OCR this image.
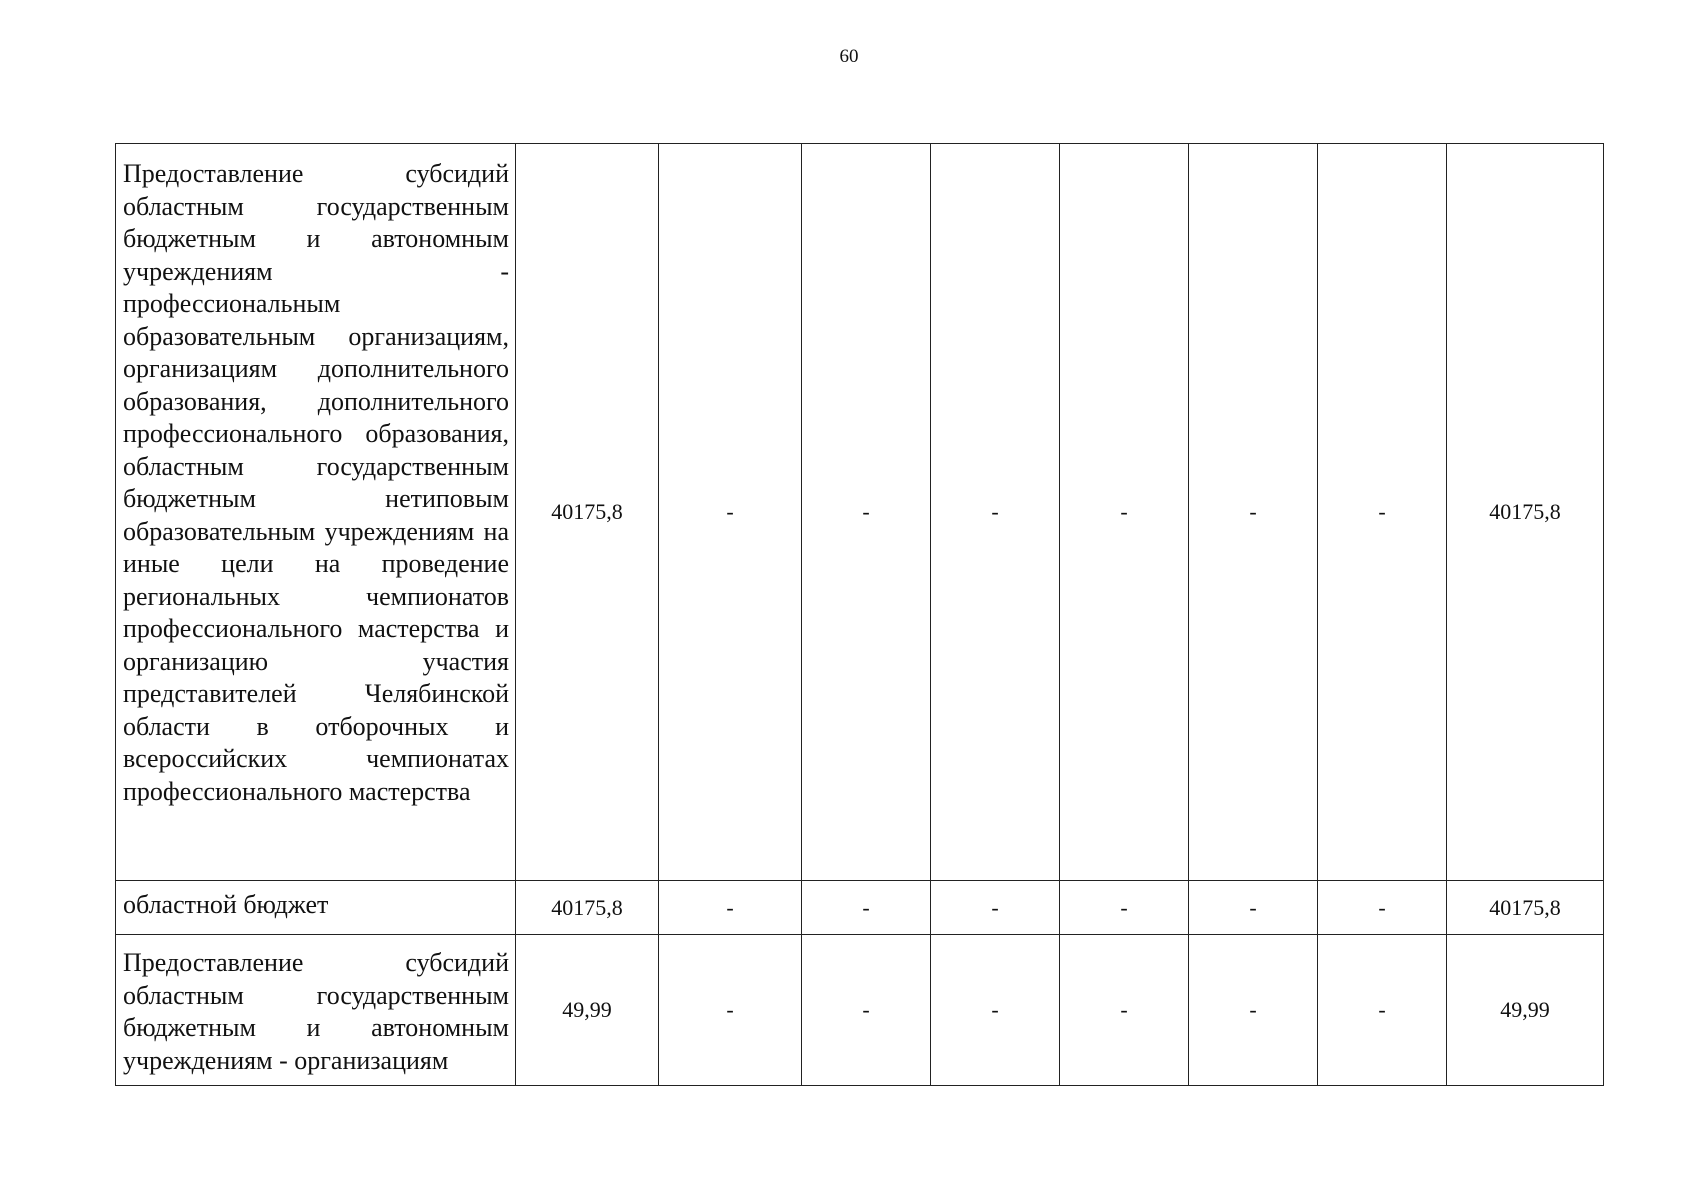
60
Предоставление субсидий областным государственным бюджетным и автономным учреждениям - профессиональным образовательным организациям, организациям дополнительного образования, дополнительного профессионального образования, областным государственным бюджетным нетиповым образовательным учреждениям на иные цели на проведение региональных чемпионатов профессионального мастерства и организацию участия представителей Челябинской области в отборочных и всероссийских чемпионатах профессионального мастерства	40175,8	-	-	-	-	-	-	40175,8
областной бюджет	40175,8	-	-	-	-	-	-	40175,8

Предоставление субсидий областным государственным бюджетным и автономным учреждениям - организациям	49,99	-	-	-	-	-	-	49,99
